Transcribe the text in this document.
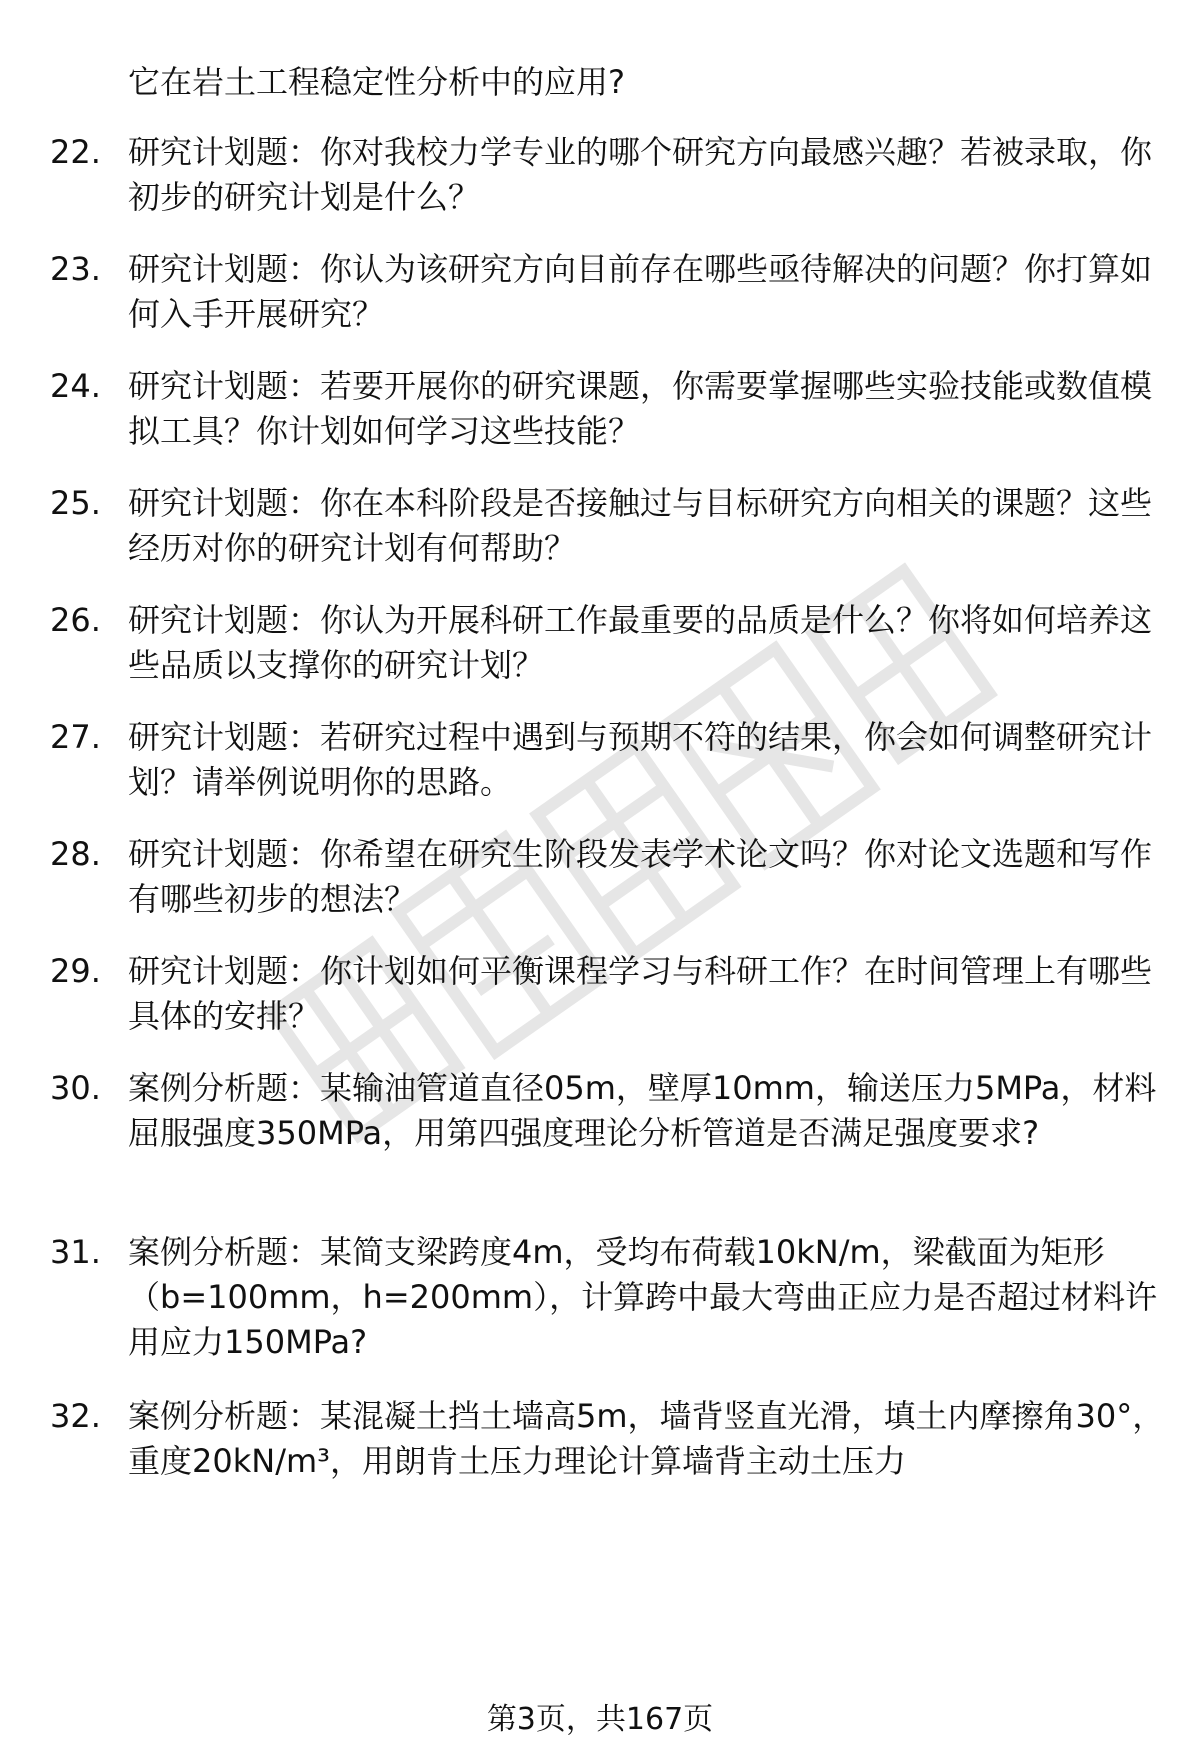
它在岩土工程稳定性分析中的应用?

22. 研究计划题：你对我校力学专业的哪个研究方向最感兴趣？若被录取，你初步的研究计划是什么？
23. 研究计划题：你认为该研究方向目前存在哪些亟待解决的问题？你打算如何入手开展研究？
24. 研究计划题：若要开展你的研究课题，你需要掌握哪些实验技能或数值模拟工具？你计划如何学习这些技能？
25. 研究计划题：你在本科阶段是否接触过与目标研究方向相关的课题？这些经历对你的研究计划有何帮助？
26. 研究计划题：你认为开展科研工作最重要的品质是什么？你将如何培养这些品质以支撑你的研究计划？
27. 研究计划题：若研究过程中遇到与预期不符的结果，你会如何调整研究计划？请举例说明你的思路。
28. 研究计划题：你希望在研究生阶段发表学术论文吗？你对论文选题和写作有哪些初步的想法？
29. 研究计划题：你计划如何平衡课程学习与科研工作？在时间管理上有哪些具体的安排？
30. 案例分析题：某输油管道直径05m，壁厚10mm，输送压力5MPa，材料屈服强度350MPa，用第四强度理论分析管道是否满足强度要求?
31. 案例分析题：某简支梁跨度4m，受均布荷载10kN/m，梁截面为矩形（b=100mm，h=200mm），计算跨中最大弯曲正应力是否超过材料许用应力150MPa?
32. 案例分析题：某混凝土挡土墙高5m，墙背竖直光滑，填土内摩擦角30°，重度20kN/m³，用朗肯土压力理论计算墙背主动土压力
第3页，共167页
